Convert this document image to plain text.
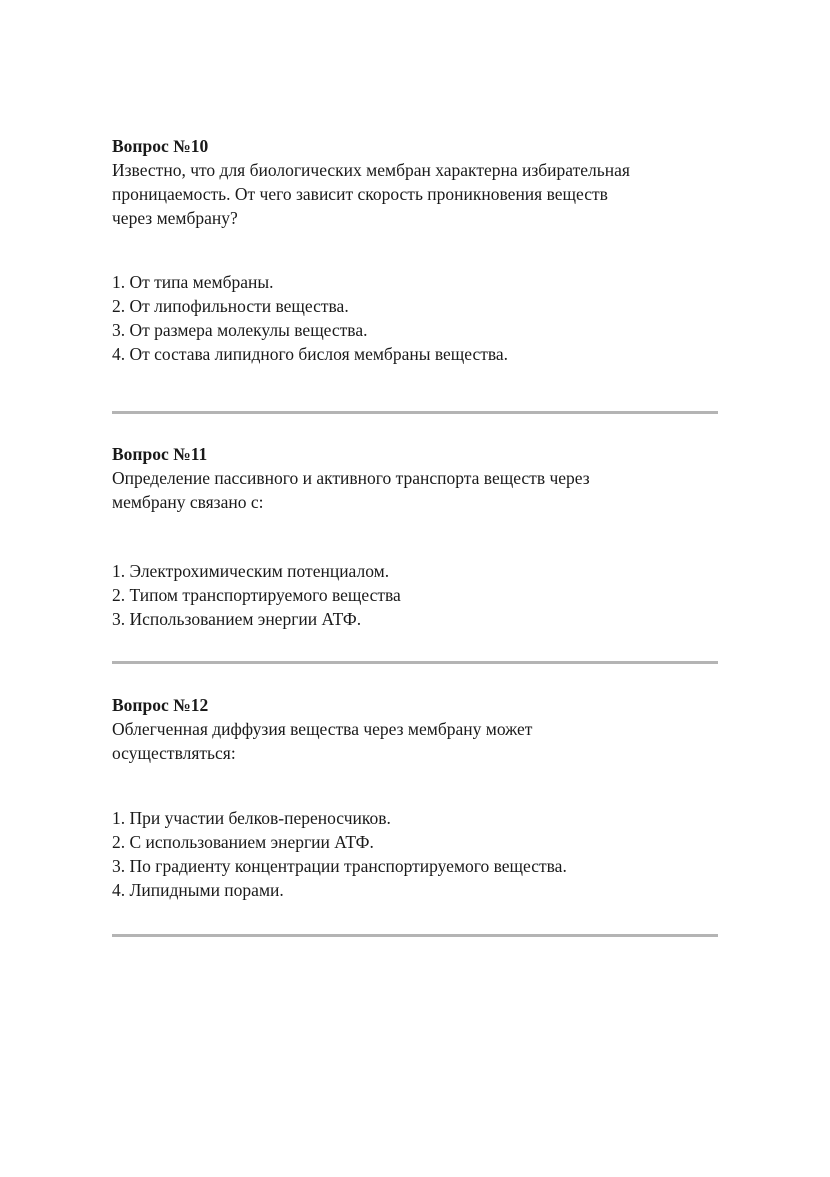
Вопрос №10

Известно, что для биологических мембран характерна избирательная

проницаемость. От чего зависит скорость проникновения веществ

через мембрану?

1. От типа мембраны.
2. От липофильности вещества.
3. От размера молекулы вещества.
4. От состава липидного бислоя мембраны вещества.

Вопрос №11

Определение пассивного и активного транспорта веществ через

мембрану связано с:

1. Электрохимическим потенциалом.
2. Типом транспортируемого вещества
3. Использованием энергии АТФ.

Вопрос №12

Облегченная диффузия вещества через мембрану может

осуществляться:

1. При участии белков-переносчиков.
2. С использованием энергии АТФ.
3. По градиенту концентрации транспортируемого вещества.
4. Липидными порами.
